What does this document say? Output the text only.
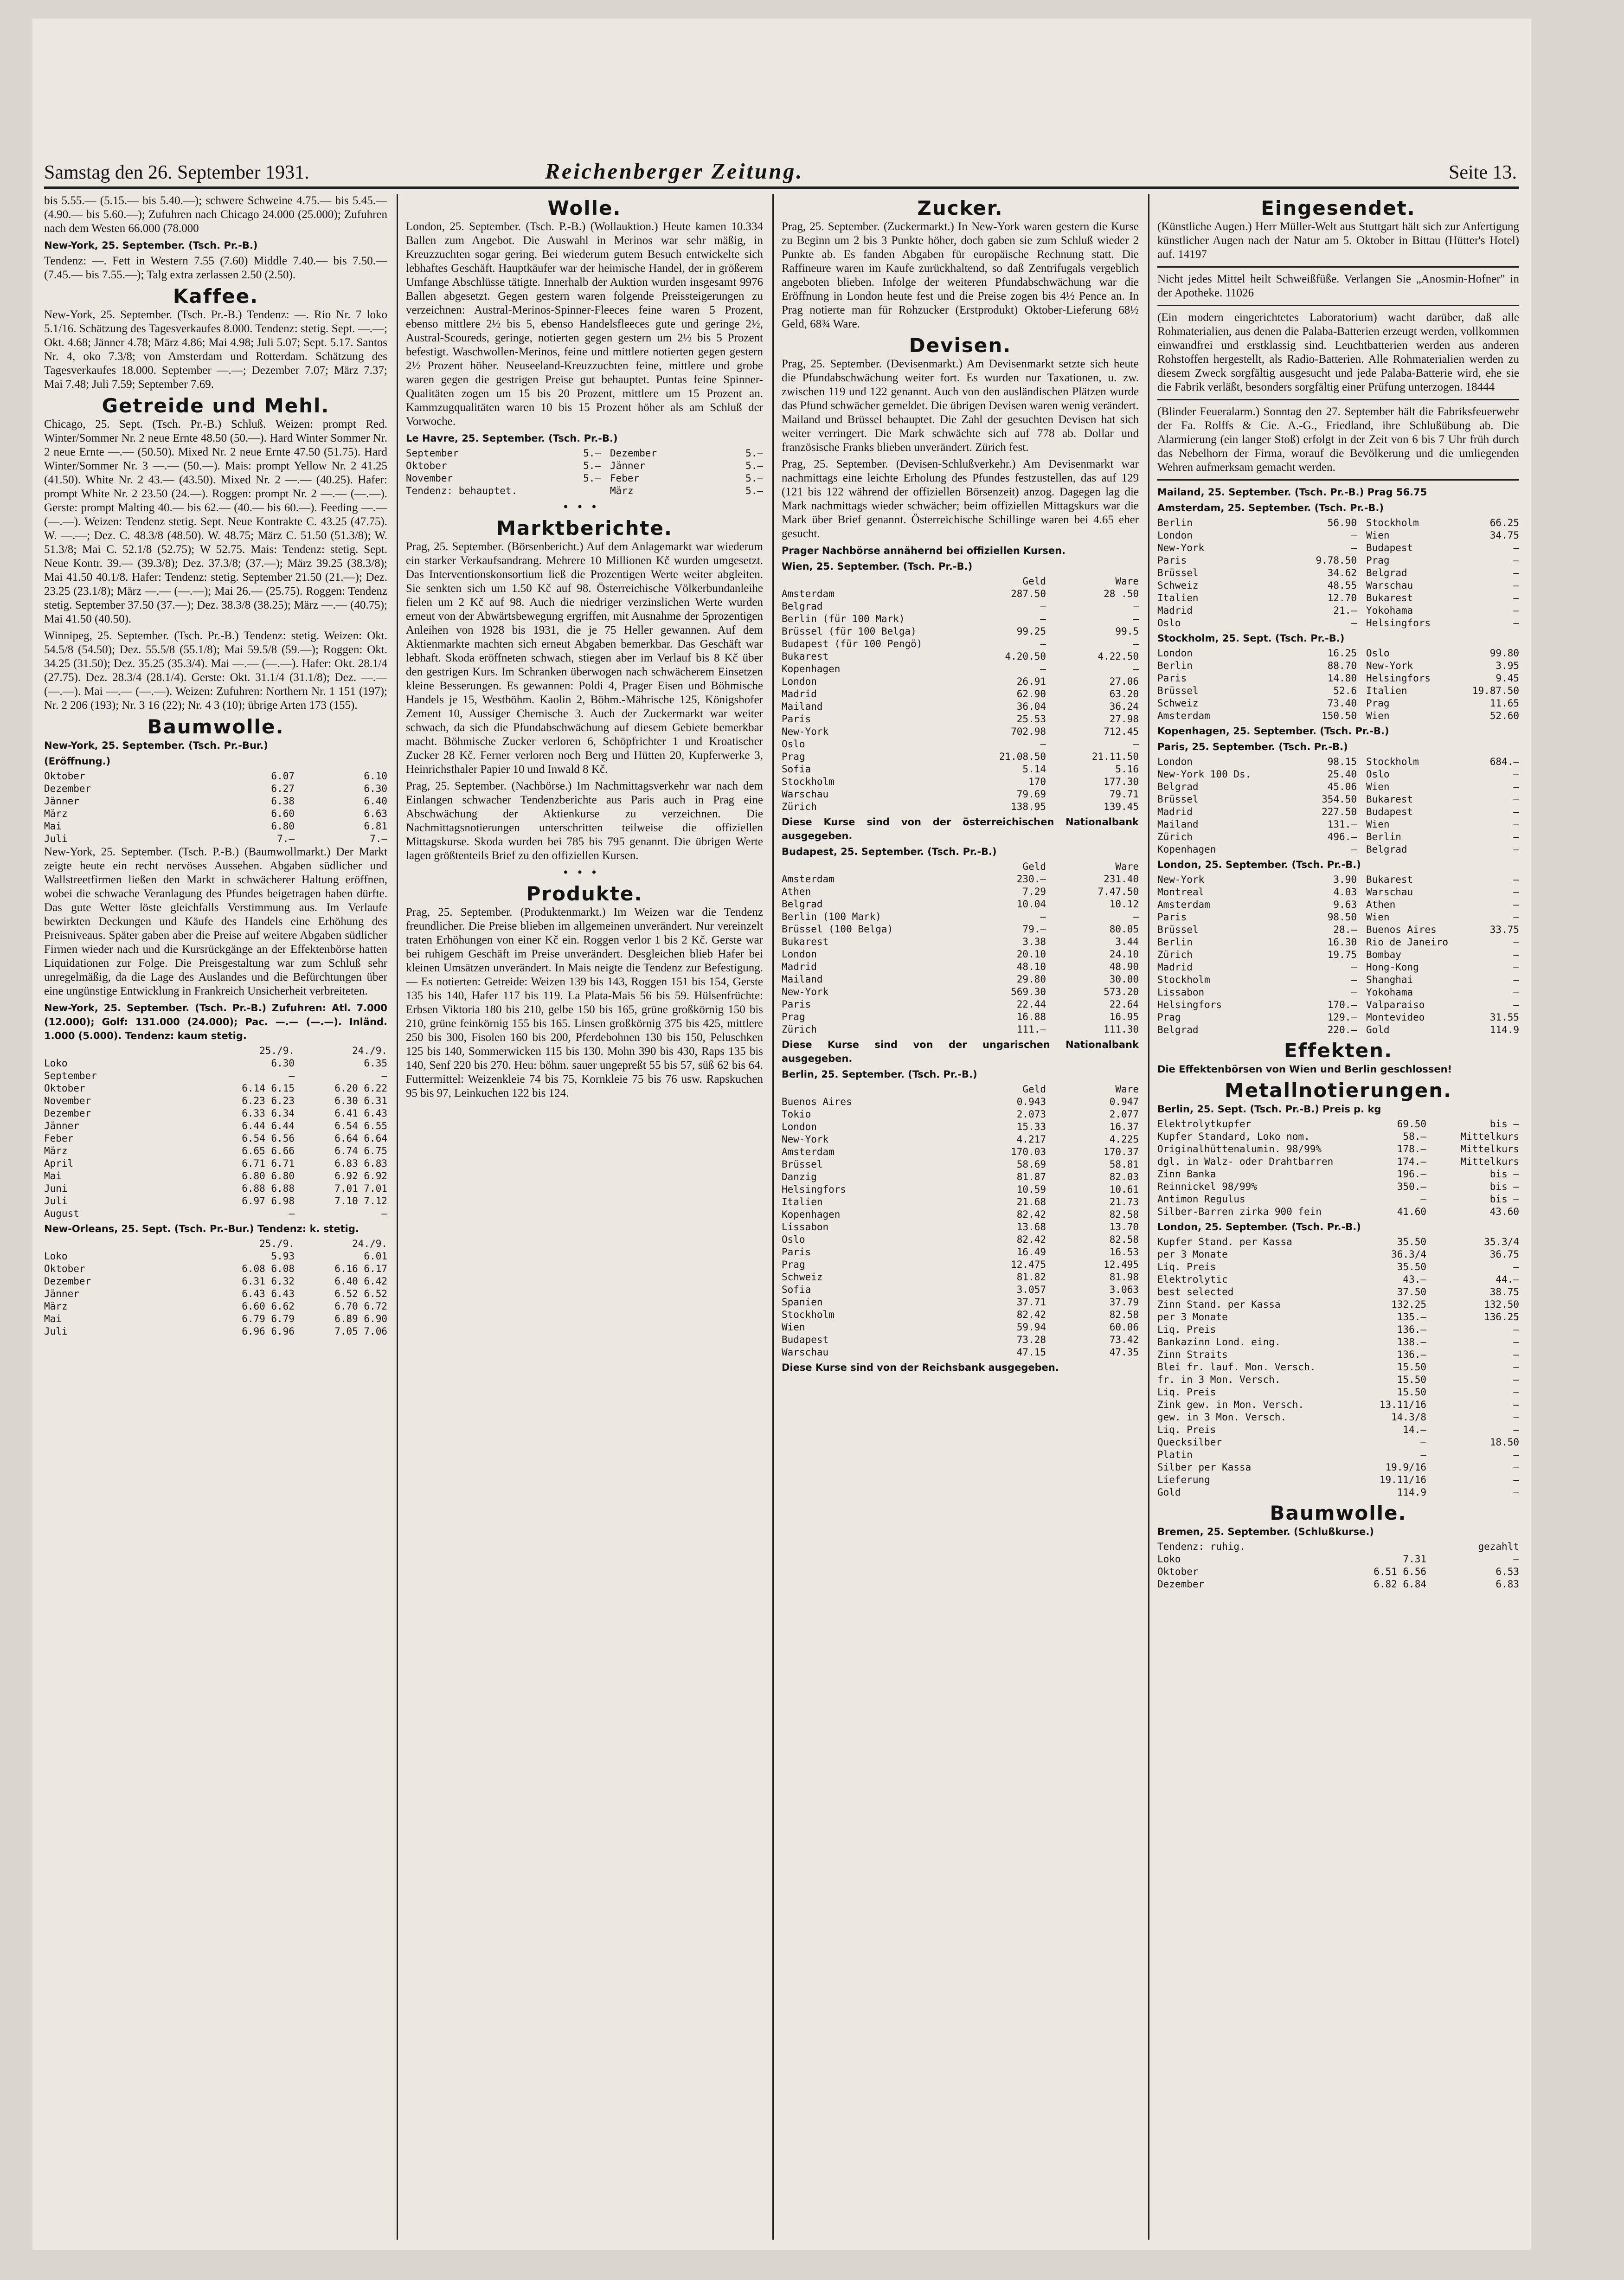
Samstag den 26. September 1931.	Reichenberger Zeitung.	Seite 13.

bis 5.55.— (5.15.— bis 5.40.—); schwere Schweine 4.75.— bis 5.45.— (4.90.— bis 5.60.—); Zufuhren nach Chicago 24.000 (25.000); Zufuhren nach dem Westen 66.000 (78.000

New-York, 25. September. (Tsch. Pr.-B.)

Tendenz: —. Fett in Western 7.55 (7.60) Middle 7.40.— bis 7.50.— (7.45.— bis 7.55.—); Talg extra zerlassen 2.50 (2.50).

Kaffee.

New-York, 25. September. (Tsch. Pr.-B.) Tendenz: —. Rio Nr. 7 loko 5.1/16. Schätzung des Tagesverkaufes 8.000. Tendenz: stetig. Sept. —.—; Okt. 4.68; Jänner 4.78; März 4.86; Mai 4.98; Juli 5.07; Sept. 5.17. Santos Nr. 4, oko 7.3/8; von Amsterdam und Rotterdam. Schätzung des Tagesverkaufes 18.000. September —.—; Dezember 7.07; März 7.37; Mai 7.48; Juli 7.59; September 7.69.

Getreide und Mehl.

Chicago, 25. Sept. (Tsch. Pr.-B.) Schluß. Weizen: prompt Red. Winter/Sommer Nr. 2 neue Ernte 48.50 (50.—). Hard Winter Sommer Nr. 2 neue Ernte —.— (50.50). Mixed Nr. 2 neue Ernte 47.50 (51.75). Hard Winter/Sommer Nr. 3 —.— (50.—). Mais: prompt Yellow Nr. 2 41.25 (41.50). White Nr. 2 43.— (43.50). Mixed Nr. 2 —.— (40.25). Hafer: prompt White Nr. 2 23.50 (24.—). Roggen: prompt Nr. 2 —.— (—.—). Gerste: prompt Malting 40.— bis 62.— (40.— bis 60.—). Feeding —.— (—.—). Weizen: Tendenz stetig. Sept. Neue Kontrakte C. 43.25 (47.75). W. —.—; Dez. C. 48.3/8 (48.50). W. 48.75; März C. 51.50 (51.3/8); W. 51.3/8; Mai C. 52.1/8 (52.75); W 52.75. Mais: Tendenz: stetig. Sept. Neue Kontr. 39.— (39.3/8); Dez. 37.3/8; (37.—); März 39.25 (38.3/8); Mai 41.50 40.1/8. Hafer: Tendenz: stetig. September 21.50 (21.—); Dez. 23.25 (23.1/8); März —.— (—.—); Mai 26.— (25.75). Roggen: Tendenz stetig. September 37.50 (37.—); Dez. 38.3/8 (38.25); März —.— (40.75); Mai 41.50 (40.50).

Winnipeg, 25. September. (Tsch. Pr.-B.) Tendenz: stetig. Weizen: Okt. 54.5/8 (54.50); Dez. 55.5/8 (55.1/8); Mai 59.5/8 (59.—); Roggen: Okt. 34.25 (31.50); Dez. 35.25 (35.3/4). Mai —.— (—.—). Hafer: Okt. 28.1/4 (27.75). Dez. 28.3/4 (28.1/4). Gerste: Okt. 31.1/4 (31.1/8); Dez. —.— (—.—). Mai —.— (—.—). Weizen: Zufuhren: Northern Nr. 1 151 (197); Nr. 2 206 (193); Nr. 3 16 (22); Nr. 4 3 (10); übrige Arten 173 (155).

Baumwolle.
New-York, 25. September. (Tsch. Pr.-Bur.)
(Eröffnung.)
Oktober	6.07	6.10
Dezember	6.27	6.30
Jänner	6.38	6.40
März	6.60	6.63
Mai	6.80	6.81
Juli	7.—	7.—

New-York, 25. September. (Tsch. P.-B.) (Baumwollmarkt.) Der Markt zeigte heute ein recht nervöses Aussehen. Abgaben südlicher und Wallstreetfirmen ließen den Markt in schwächerer Haltung eröffnen, wobei die schwache Veranlagung des Pfundes beigetragen haben dürfte. Das gute Wetter löste gleichfalls Verstimmung aus. Im Verlaufe bewirkten Deckungen und Käufe des Handels eine Erhöhung des Preisniveaus. Später gaben aber die Preise auf weitere Abgaben südlicher Firmen wieder nach und die Kursrückgänge an der Effektenbörse hatten Liquidationen zur Folge. Die Preisgestaltung war zum Schluß sehr unregelmäßig, da die Lage des Auslandes und die Befürchtungen über eine ungünstige Entwicklung in Frankreich Unsicherheit verbreiteten.

New-York, 25. September. (Tsch. Pr.-B.) Zufuhren: Atl. 7.000 (12.000); Golf: 131.000 (24.000); Pac. —.— (—.—). Inländ. 1.000 (5.000). Tendenz: kaum stetig.
25./9.	24./9.
Loko	6.30	6.35
September	—	—
Oktober	6.14 6.15	6.20 6.22
November	6.23 6.23	6.30 6.31
Dezember	6.33 6.34	6.41 6.43
Jänner	6.44 6.44	6.54 6.55
Feber	6.54 6.56	6.64 6.64
März	6.65 6.66	6.74 6.75
April	6.71 6.71	6.83 6.83
Mai	6.80 6.80	6.92 6.92
Juni	6.88 6.88	7.01 7.01
Juli	6.97 6.98	7.10 7.12
August	—	—
New-Orleans, 25. Sept. (Tsch. Pr.-Bur.) Tendenz: k. stetig.
25./9.	24./9.
Loko	5.93	6.01
Oktober	6.08 6.08	6.16 6.17
Dezember	6.31 6.32	6.40 6.42
Jänner	6.43 6.43	6.52 6.52
März	6.60 6.62	6.70 6.72
Mai	6.79 6.79	6.89 6.90
Juli	6.96 6.96	7.05 7.06
Wolle.

London, 25. September. (Tsch. P.-B.) (Wollauktion.) Heute kamen 10.334 Ballen zum Angebot. Die Auswahl in Merinos war sehr mäßig, in Kreuzzuchten sogar gering. Bei wiederum gutem Besuch entwickelte sich lebhaftes Geschäft. Hauptkäufer war der heimische Handel, der in größerem Umfange Abschlüsse tätigte. Innerhalb der Auktion wurden insgesamt 9976 Ballen abgesetzt. Gegen gestern waren folgende Preissteigerungen zu verzeichnen: Austral-Merinos-Spinner-Fleeces feine waren 5 Prozent, ebenso mittlere 2½ bis 5, ebenso Handelsfleeces gute und geringe 2½, Austral-Scoureds, geringe, notierten gegen gestern um 2½ bis 5 Prozent befestigt. Waschwollen-Merinos, feine und mittlere notierten gegen gestern 2½ Prozent höher. Neuseeland-Kreuzzuchten feine, mittlere und grobe waren gegen die gestrigen Preise gut behauptet. Puntas feine Spinner-Qualitäten zogen um 15 bis 20 Prozent, mittlere um 15 Prozent an. Kammzugqualitäten waren 10 bis 15 Prozent höher als am Schluß der Vorwoche.

Le Havre, 25. September. (Tsch. Pr.-B.)
September	5.— Dezember	5.—
Oktober	5.— Jänner	5.—
November	5.— Feber	5.—
Tendenz: behauptet.	März	5.—
•••
Marktberichte.

Prag, 25. September. (Börsenbericht.) Auf dem Anlagemarkt war wiederum ein starker Verkaufsandrang. Mehrere 10 Millionen Kč wurden umgesetzt. Das Interventionskonsortium ließ die Prozentigen Werte weiter abgleiten. Sie senkten sich um 1.50 Kč auf 98. Österreichische Völkerbundanleihe fielen um 2 Kč auf 98. Auch die niedriger verzinslichen Werte wurden erneut von der Abwärtsbewegung ergriffen, mit Ausnahme der 5prozentigen Anleihen von 1928 bis 1931, die je 75 Heller gewannen. Auf dem Aktienmarkte machten sich erneut Abgaben bemerkbar. Das Geschäft war lebhaft. Skoda eröffneten schwach, stiegen aber im Verlauf bis 8 Kč über den gestrigen Kurs. Im Schranken überwogen nach schwächerem Einsetzen kleine Besserungen. Es gewannen: Poldi 4, Prager Eisen und Böhmische Handels je 15, Westböhm. Kaolin 2, Böhm.-Mährische 125, Königshofer Zement 10, Aussiger Chemische 3. Auch der Zuckermarkt war weiter schwach, da sich die Pfundabschwächung auf diesem Gebiete bemerkbar macht. Böhmische Zucker verloren 6, Schöpfrichter 1 und Kroatischer Zucker 28 Kč. Ferner verloren noch Berg und Hütten 20, Kupferwerke 3, Heinrichsthaler Papier 10 und Inwald 8 Kč.

Prag, 25. September. (Nachbörse.) Im Nachmittagsverkehr war nach dem Einlangen schwacher Tendenzberichte aus Paris auch in Prag eine Abschwächung der Aktienkurse zu verzeichnen. Die Nachmittagsnotierungen unterschritten teilweise die offiziellen Mittagskurse. Skoda wurden bei 785 bis 795 genannt. Die übrigen Werte lagen größtenteils Brief zu den offiziellen Kursen.

•••
Produkte.

Prag, 25. September. (Produktenmarkt.) Im Weizen war die Tendenz freundlicher. Die Preise blieben im allgemeinen unverändert. Nur vereinzelt traten Erhöhungen von einer Kč ein. Roggen verlor 1 bis 2 Kč. Gerste war bei ruhigem Geschäft im Preise unverändert. Desgleichen blieb Hafer bei kleinen Umsätzen unverändert. In Mais neigte die Tendenz zur Befestigung. — Es notierten: Getreide: Weizen 139 bis 143, Roggen 151 bis 154, Gerste 135 bis 140, Hafer 117 bis 119. La Plata-Mais 56 bis 59. Hülsenfrüchte: Erbsen Viktoria 180 bis 210, gelbe 150 bis 165, grüne großkörnig 150 bis 210, grüne feinkörnig 155 bis 165. Linsen großkörnig 375 bis 425, mittlere 250 bis 300, Fisolen 160 bis 200, Pferdebohnen 130 bis 150, Peluschken 125 bis 140, Sommerwicken 115 bis 130. Mohn 390 bis 430, Raps 135 bis 140, Senf 220 bis 270. Heu: böhm. sauer ungepreßt 55 bis 57, süß 62 bis 64. Futtermittel: Weizenkleie 74 bis 75, Kornkleie 75 bis 76 usw. Rapskuchen 95 bis 97, Leinkuchen 122 bis 124.

Zucker.

Prag, 25. September. (Zuckermarkt.) In New-York waren gestern die Kurse zu Beginn um 2 bis 3 Punkte höher, doch gaben sie zum Schluß wieder 2 Punkte ab. Es fanden Abgaben für europäische Rechnung statt. Die Raffineure waren im Kaufe zurückhaltend, so daß Zentrifugals vergeblich angeboten blieben. Infolge der weiteren Pfundabschwächung war die Eröffnung in London heute fest und die Preise zogen bis 4½ Pence an. In Prag notierte man für Rohzucker (Erstprodukt) Oktober-Lieferung 68½ Geld, 68¾ Ware.

Devisen.

Prag, 25. September. (Devisenmarkt.) Am Devisenmarkt setzte sich heute die Pfundabschwächung weiter fort. Es wurden nur Taxationen, u. zw. zwischen 119 und 122 genannt. Auch von den ausländischen Plätzen wurde das Pfund schwächer gemeldet. Die übrigen Devisen waren wenig verändert. Mailand und Brüssel behauptet. Die Zahl der gesuchten Devisen hat sich weiter verringert. Die Mark schwächte sich auf 778 ab. Dollar und französische Franks blieben unverändert. Zürich fest.

Prag, 25. September. (Devisen-Schlußverkehr.) Am Devisenmarkt war nachmittags eine leichte Erholung des Pfundes festzustellen, das auf 129 (121 bis 122 während der offiziellen Börsenzeit) anzog. Dagegen lag die Mark nachmittags wieder schwächer; beim offiziellen Mittagskurs war die Mark über Brief genannt. Österreichische Schillinge waren bei 4.65 eher gesucht.

Prager Nachbörse annähernd bei offiziellen Kursen.
Wien, 25. September. (Tsch. Pr.-B.)
Geld	Ware
Amsterdam	287.50	28 .50
Belgrad	—	—
Berlin (für 100 Mark)	—	—
Brüssel (für 100 Belga)	99.25	99.5
Budapest (für 100 Pengö)	—	—
Bukarest	4.20.50	4.22.50
Kopenhagen	—	—
London	26.91	27.06
Madrid	62.90	63.20
Mailand	36.04	36.24
Paris	25.53	27.98
New-York	702.98	712.45
Oslo	—	—
Prag	21.08.50	21.11.50
Sofia	5.14	5.16
Stockholm	170	177.30
Warschau	79.69	79.71
Zürich	138.95	139.45
Diese Kurse sind von der österreichischen Nationalbank ausgegeben.
Budapest, 25. September. (Tsch. Pr.-B.)
Geld	Ware
Amsterdam	230.—	231.40
Athen	7.29	7.47.50
Belgrad	10.04	10.12
Berlin (100 Mark)	—	—
Brüssel (100 Belga)	79.—	80.05
Bukarest	3.38	3.44
London	20.10	24.10
Madrid	48.10	48.90
Mailand	29.80	30.00
New-York	569.30	573.20
Paris	22.44	22.64
Prag	16.88	16.95
Zürich	111.—	111.30
Diese Kurse sind von der ungarischen Nationalbank ausgegeben.
Berlin, 25. September. (Tsch. Pr.-B.)
Geld	Ware
Buenos Aires	0.943	0.947
Tokio	2.073	2.077
London	15.33	16.37
New-York	4.217	4.225
Amsterdam	170.03	170.37
Brüssel	58.69	58.81
Danzig	81.87	82.03
Helsingfors	10.59	10.61
Italien	21.68	21.73
Kopenhagen	82.42	82.58
Lissabon	13.68	13.70
Oslo	82.42	82.58
Paris	16.49	16.53
Prag	12.475	12.495
Schweiz	81.82	81.98
Sofia	3.057	3.063
Spanien	37.71	37.79
Stockholm	82.42	82.58
Wien	59.94	60.06
Budapest	73.28	73.42
Warschau	47.15	47.35
Diese Kurse sind von der Reichsbank ausgegeben.
Eingesendet.

(Künstliche Augen.) Herr Müller-Welt aus Stuttgart hält sich zur Anfertigung künstlicher Augen nach der Natur am 5. Oktober in Bittau (Hütter's Hotel) auf. 14197

Nicht jedes Mittel heilt Schweißfüße. Verlangen Sie „Anosmin-Hofner" in der Apotheke. 11026

(Ein modern eingerichtetes Laboratorium) wacht darüber, daß alle Rohmaterialien, aus denen die Palaba-Batterien erzeugt werden, vollkommen einwandfrei und erstklassig sind. Leuchtbatterien werden aus anderen Rohstoffen hergestellt, als Radio-Batterien. Alle Rohmaterialien werden zu diesem Zweck sorgfältig ausgesucht und jede Palaba-Batterie wird, ehe sie die Fabrik verläßt, besonders sorgfältig einer Prüfung unterzogen. 18444

(Blinder Feueralarm.) Sonntag den 27. September hält die Fabriksfeuerwehr der Fa. Rolffs & Cie. A.-G., Friedland, ihre Schlußübung ab. Die Alarmierung (ein langer Stoß) erfolgt in der Zeit von 6 bis 7 Uhr früh durch das Nebelhorn der Firma, worauf die Bevölkerung und die umliegenden Wehren aufmerksam gemacht werden.

Mailand, 25. September. (Tsch. Pr.-B.) Prag 56.75
Amsterdam, 25. September. (Tsch. Pr.-B.)
Berlin	56.90 Stockholm	66.25
London	— Wien	34.75
New-York	— Budapest	—
Paris	9.78.50 Prag	—
Brüssel	34.62 Belgrad	—
Schweiz	48.55 Warschau	—
Italien	12.70 Bukarest	—
Madrid	21.— Yokohama	—
Oslo	— Helsingfors	—
Stockholm, 25. Sept. (Tsch. Pr.-B.)
London	16.25 Oslo	99.80
Berlin	88.70 New-York	3.95
Paris	14.80 Helsingfors	9.45
Brüssel	52.6 Italien	19.87.50
Schweiz	73.40 Prag	11.65
Amsterdam	150.50 Wien	52.60
Kopenhagen, 25. September. (Tsch. Pr.-B.)
Paris, 25. September. (Tsch. Pr.-B.)
London	98.15 Stockholm	684.—
New-York 100 Ds.	25.40 Oslo	—
Belgrad	45.06 Wien	—
Brüssel	354.50 Bukarest	—
Madrid	227.50 Budapest	—
Mailand	131.— Wien	—
Zürich	496.— Berlin	—
Kopenhagen	— Belgrad	—
London, 25. September. (Tsch. Pr.-B.)
New-York	3.90 Bukarest	—
Montreal	4.03 Warschau	—
Amsterdam	9.63 Athen	—
Paris	98.50 Wien	—
Brüssel	28.— Buenos Aires	33.75
Berlin	16.30 Rio de Janeiro	—
Zürich	19.75 Bombay	—
Madrid	— Hong-Kong	—
Stockholm	— Shanghai	—
Lissabon	— Yokohama	—
Helsingfors	170.— Valparaiso	—
Prag	129.— Montevideo	31.55
Belgrad	220.— Gold	114.9
Effekten.
Die Effektenbörsen von Wien und Berlin geschlossen!
Metallnotierungen.
Berlin, 25. Sept. (Tsch. Pr.-B.) Preis p. kg
Elektrolytkupfer	69.50	bis —
Kupfer Standard, Loko nom.	58.—	Mittelkurs
Originalhüttenalumin. 98/99%	178.—	Mittelkurs
dgl. in Walz- oder Drahtbarren	174.—	Mittelkurs
Zinn Banka	196.—	bis —
Reinnickel 98/99%	350.—	bis —
Antimon Regulus	—	bis —
Silber-Barren zirka 900 fein	41.60	43.60
London, 25. September. (Tsch. Pr.-B.)
Kupfer Stand. per Kassa	35.50	35.3/4
per 3 Monate	36.3/4	36.75
Liq. Preis	35.50	—
Elektrolytic	43.—	44.—
best selected	37.50	38.75
Zinn Stand. per Kassa	132.25	132.50
per 3 Monate	135.—	136.25
Liq. Preis	136.—	—
Bankazinn Lond. eing.	138.—	—
Zinn Straits	136.—	—
Blei fr. lauf. Mon. Versch.	15.50	—
fr. in 3 Mon. Versch.	15.50	—
Liq. Preis	15.50	—
Zink gew. in Mon. Versch.	13.11/16	—
gew. in 3 Mon. Versch.	14.3/8	—
Liq. Preis	14.—	—
Quecksilber	—	18.50
Platin	—	—
Silber per Kassa	19.9/16	—
Lieferung	19.11/16	—
Gold	114.9	—
Baumwolle.
Bremen, 25. September. (Schlußkurse.)
Tendenz: ruhig.	gezahlt
Loko	7.31	—
Oktober	6.51 6.56	6.53
Dezember	6.82 6.84	6.83
